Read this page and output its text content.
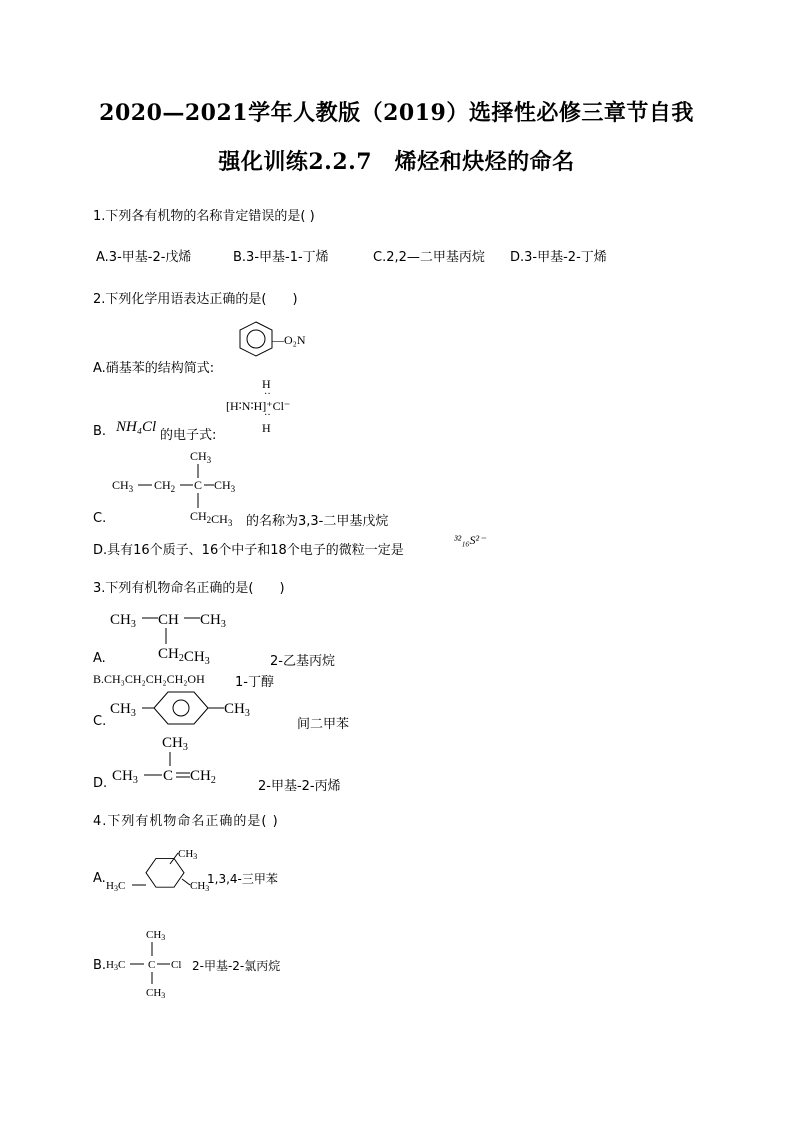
2020—2021学年人教版（2019）选择性必修三章节自我
强化训练2.2.7　烯烃和炔烃的命名
1.下列各有机物的名称肯定错误的是( )
A.3-甲基-2-戊烯	B.3-甲基-1-丁烯	C.2,2—二甲基丙烷 D.3-甲基-2-丁烯
2.下列化学用语表达正确的是(　　)
A.硝基苯的结构简式:
—O₂N
B. NH₄Cl
的电子式:
H
··
[H∶N∶H]⁺Cl⁻
··
H
$CH_3$
$CH_3$ $CH_2$ C $CH_3$
$CH_2CH_3$
C.	的名称为3,3-二甲基戊烷
D.具有16个质子、16个中子和18个电子的微粒一定是
³²₁₆S²⁻
3.下列有机物命名正确的是(　　)
$CH_3$ CH $CH_3$
$CH_2CH_3$
A.	2-乙基丙烷
B.CH₃CH₂CH₂CH₂OH 1-丁醇
$CH_3$	$CH_3$
C.	间二甲苯
$CH_3$
$CH_3$ C $CH_2$
D.	2-甲基-2-丙烯
4.下列有机物命名正确的是( )
A. H3C
CH3
CH3
1,3,4-三甲苯
B.
CH3
H3C C Cl
CH3
2-甲基-2-氯丙烷
